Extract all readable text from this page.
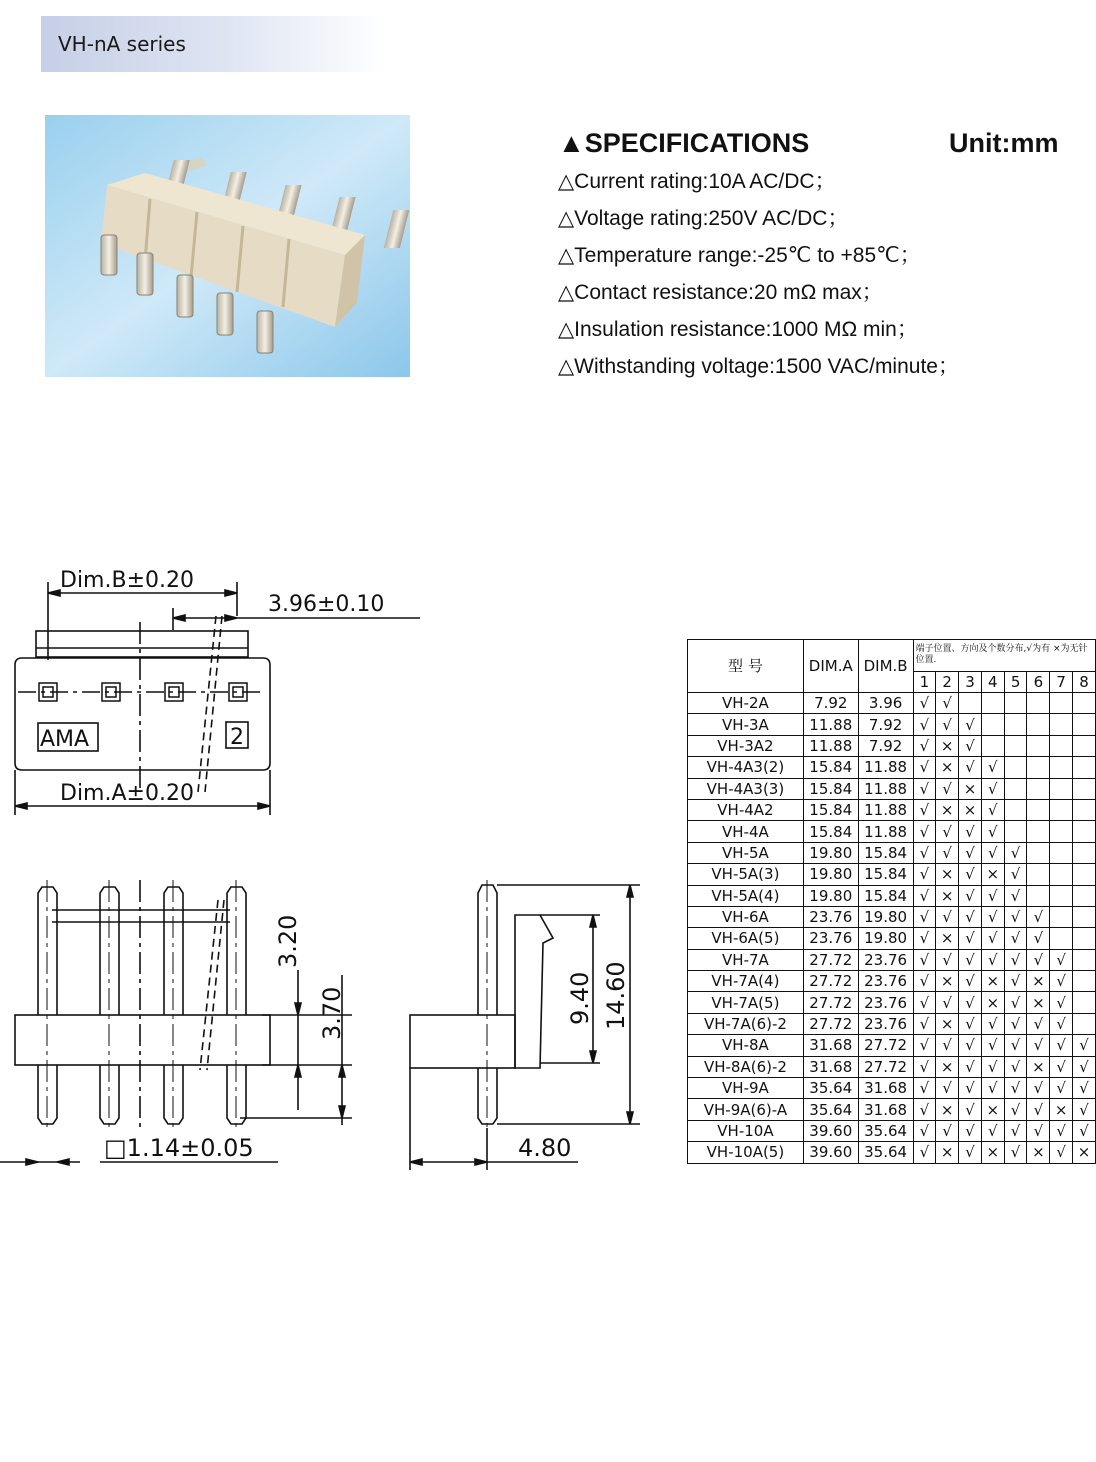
VH-nA series
▲SPECIFICATIONS	Unit:mm
△Current rating:10A AC/DC；
△Voltage rating:250V AC/DC；
△Temperature range:-25℃ to +85℃；
△Contact resistance:20 mΩ max；
△Insulation resistance:1000 MΩ min；
△Withstanding voltage:1500 VAC/minute；
Dim.B±0.20
3.96±0.10
AMA	2
Dim.A±0.20
3.20
3.70
□1.14±0.05
9.40 14.60
4.80
型 号	DIM.A	DIM.B	端子位置、方向及个数分布,√为有 ×为无针位置.							
			1	2	3	4	5	6	7	8
VH-2A	7.92	3.96	√	√						
VH-3A	11.88	7.92	√	√	√					
VH-3A2	11.88	7.92	√	×	√					
VH-4A3(2)	15.84	11.88	√	×	√	√				
VH-4A3(3)	15.84	11.88	√	√	×	√				
VH-4A2	15.84	11.88	√	×	×	√				
VH-4A	15.84	11.88	√	√	√	√				
VH-5A	19.80	15.84	√	√	√	√	√			
VH-5A(3)	19.80	15.84	√	×	√	×	√			
VH-5A(4)	19.80	15.84	√	×	√	√	√			
VH-6A	23.76	19.80	√	√	√	√	√	√		
VH-6A(5)	23.76	19.80	√	×	√	√	√	√		
VH-7A	27.72	23.76	√	√	√	√	√	√	√	
VH-7A(4)	27.72	23.76	√	×	√	×	√	×	√	
VH-7A(5)	27.72	23.76	√	√	√	×	√	×	√	
VH-7A(6)-2	27.72	23.76	√	×	√	√	√	√	√	
VH-8A	31.68	27.72	√	√	√	√	√	√	√	√
VH-8A(6)-2	31.68	27.72	√	×	√	√	√	×	√	√
VH-9A	35.64	31.68	√	√	√	√	√	√	√	√
VH-9A(6)-A	35.64	31.68	√	×	√	×	√	√	×	√
VH-10A	39.60	35.64	√	√	√	√	√	√	√	√
VH-10A(5)	39.60	35.64	√	×	√	×	√	×	√	×
